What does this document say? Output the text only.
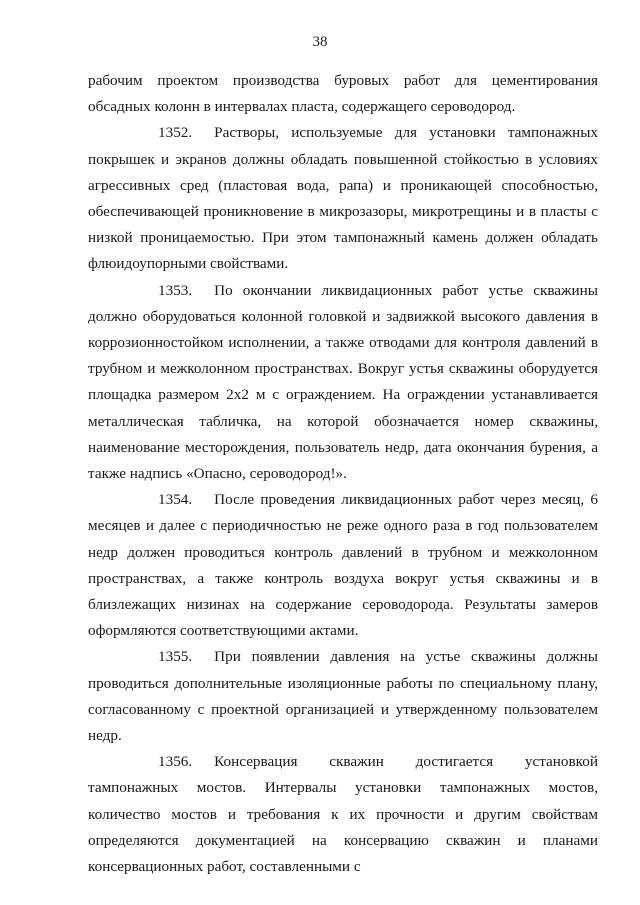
38

рабочим проектом производства буровых работ для цементирования обсадных колонн в интервалах пласта, содержащего сероводород.

1352. Растворы, используемые для установки тампонажных покрышек и экранов должны обладать повышенной стойкостью в условиях агрессивных сред (пластовая вода, рапа) и проникающей способностью, обеспечивающей проникновение в микрозазоры, микротрещины и в пласты с низкой проницаемостью. При этом тампонажный камень должен обладать флюидоупорными свойствами.

1353. По окончании ликвидационных работ устье скважины должно оборудоваться колонной головкой и задвижкой высокого давления в коррозионностойком исполнении, а также отводами для контроля давлений в трубном и межколонном пространствах. Вокруг устья скважины оборудуется площадка размером 2х2 м с ограждением. На ограждении устанавливается металлическая табличка, на которой обозначается номер скважины, наименование месторождения, пользователь недр, дата окончания бурения, а также надпись «Опасно, сероводород!».

1354. После проведения ликвидационных работ через месяц, 6 месяцев и далее с периодичностью не реже одного раза в год пользователем недр должен проводиться контроль давлений в трубном и межколонном пространствах, а также контроль воздуха вокруг устья скважины и в близлежащих низинах на содержание сероводорода. Результаты замеров оформляются соответствующими актами.

1355. При появлении давления на устье скважины должны проводиться дополнительные изоляционные работы по специальному плану, согласованному с проектной организацией и утвержденному пользователем недр.

1356. Консервация скважин достигается установкой тампонажных мостов. Интервалы установки тампонажных мостов, количество мостов и требования к их прочности и другим свойствам определяются документацией на консервацию скважин и планами консервационных работ, составленными с
